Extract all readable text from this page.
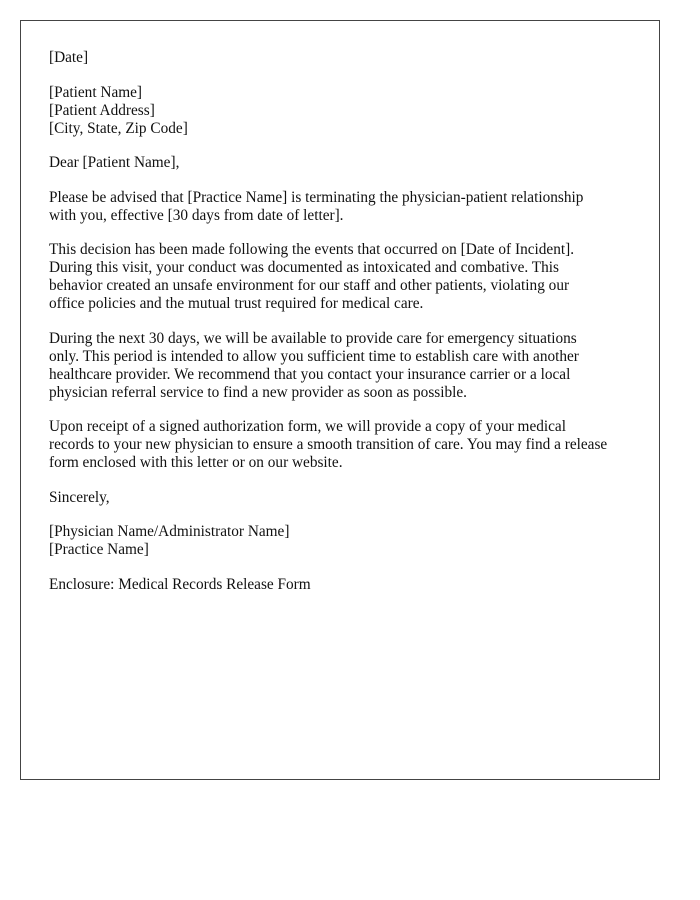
[Date]
[Patient Name]
[Patient Address]
[City, State, Zip Code]
Dear [Patient Name],
Please be advised that [Practice Name] is terminating the physician-patient relationship
with you, effective [30 days from date of letter].
This decision has been made following the events that occurred on [Date of Incident].
During this visit, your conduct was documented as intoxicated and combative. This
behavior created an unsafe environment for our staff and other patients, violating our
office policies and the mutual trust required for medical care.
During the next 30 days, we will be available to provide care for emergency situations
only. This period is intended to allow you sufficient time to establish care with another
healthcare provider. We recommend that you contact your insurance carrier or a local
physician referral service to find a new provider as soon as possible.
Upon receipt of a signed authorization form, we will provide a copy of your medical
records to your new physician to ensure a smooth transition of care. You may find a release
form enclosed with this letter or on our website.
Sincerely,
[Physician Name/Administrator Name]
[Practice Name]
Enclosure: Medical Records Release Form
